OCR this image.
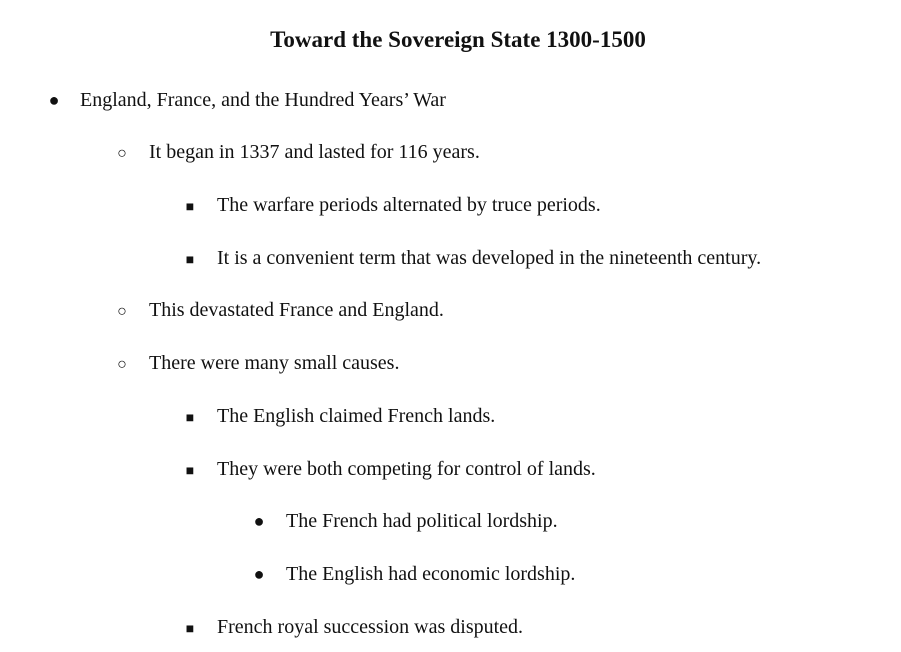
Toward the Sovereign State 1300-1500
●
England, France, and the Hundred Years’ War
○
It began in 1337 and lasted for 116 years.
■
The warfare periods alternated by truce periods.
■
It is a convenient term that was developed in the nineteenth century.
○
This devastated France and England.
○
There were many small causes.
■
The English claimed French lands.
■
They were both competing for control of lands.
●
The French had political lordship.
●
The English had economic lordship.
■
French royal succession was disputed.
